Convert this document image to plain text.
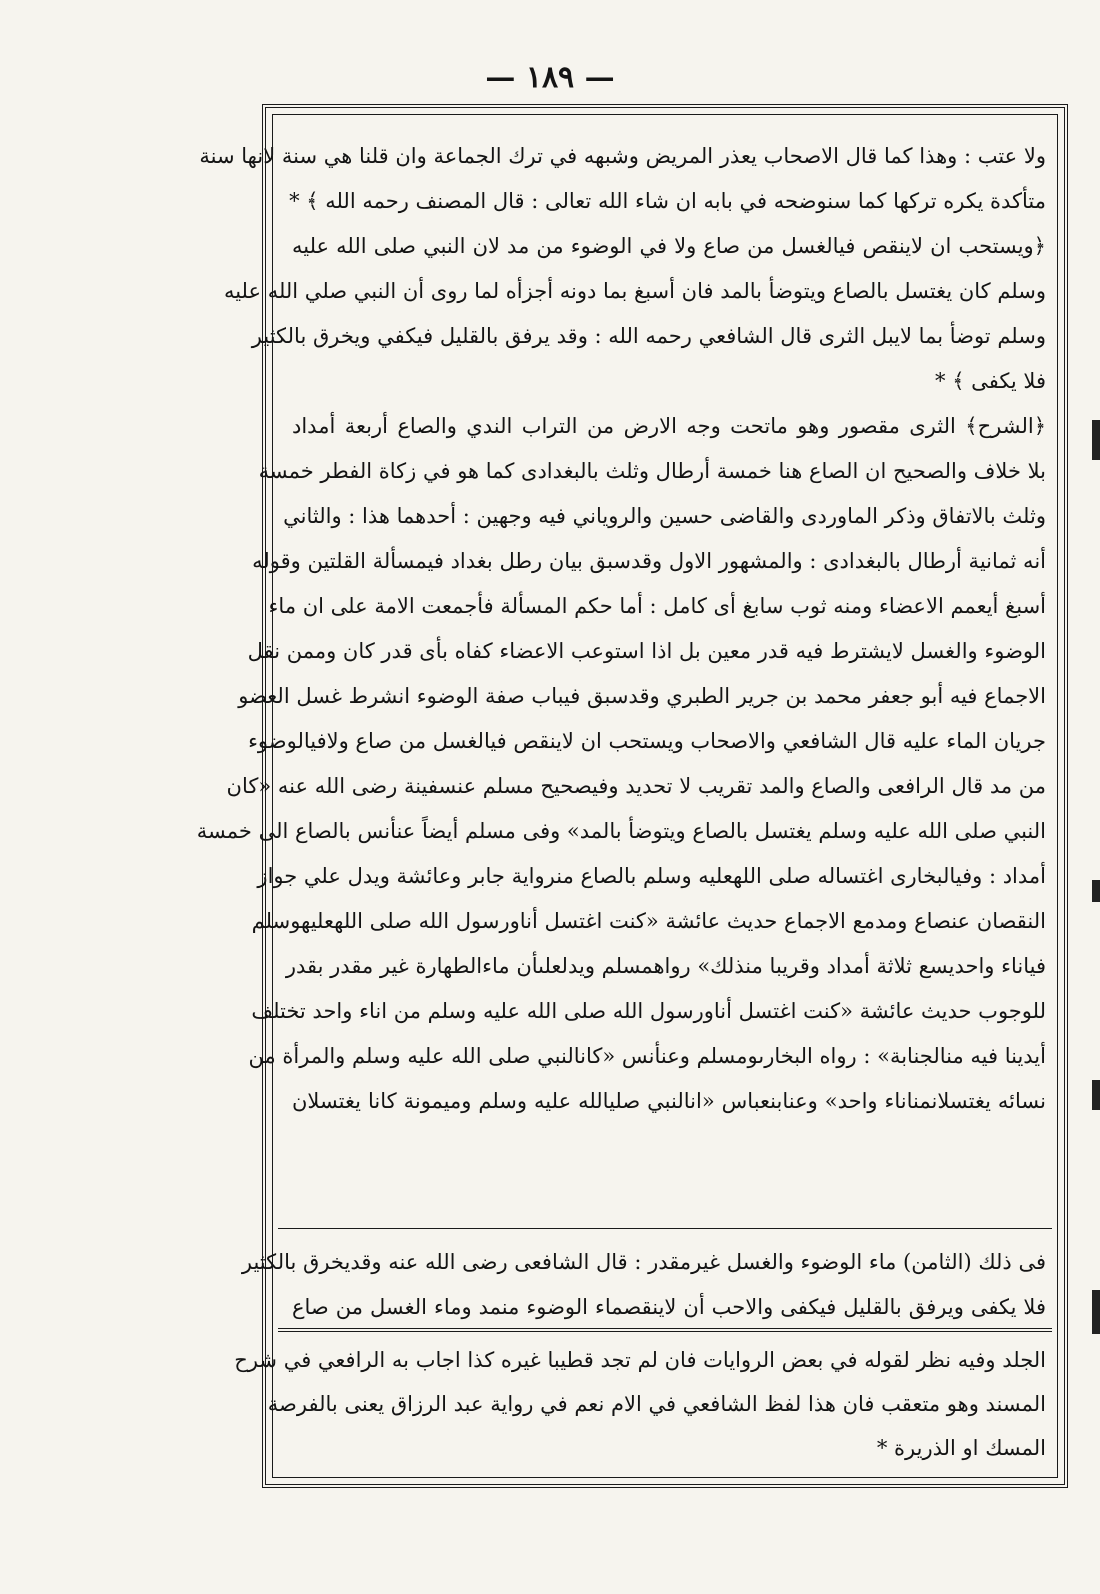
— ١٨٩ —
ولا عتب : وهذا كما قال الاصحاب يعذر المريض وشبهه في ترك الجماعة وان قلنا هي سنة لانها سنة
متأكدة يكره تركها كما سنوضحه في بابه ان شاء الله تعالى : قال المصنف رحمه الله ﴾ *
﴿ويستحب ان لاينقص فيالغسل من صاع ولا في الوضوء من مد لان النبي صلى الله عليه
وسلم كان يغتسل بالصاع ويتوضأ بالمد فان أسبغ بما دونه أجزأه لما روى أن النبي صلي الله عليه
وسلم توضأ بما لايبل الثرى قال الشافعي رحمه الله : وقد يرفق بالقليل فيكفي ويخرق بالكثير
فلا يكفى ﴾ *
﴿الشرح﴾ الثرى مقصور وهو ماتحت وجه الارض من التراب الندي والصاع أربعة أمداد
بلا خلاف والصحيح ان الصاع هنا خمسة أرطال وثلث بالبغدادى كما هو في زكاة الفطر خمسة
وثلث بالاتفاق وذكر الماوردى والقاضى حسين والروياني فيه وجهين : أحدهما هذا : والثاني
أنه ثمانية أرطال بالبغدادى : والمشهور الاول وقدسبق بيان رطل بغداد فيمسألة القلتين وقوله
أسبغ أيعمم الاعضاء ومنه ثوب سابغ أى كامل : أما حكم المسألة فأجمعت الامة على ان ماء
الوضوء والغسل لايشترط فيه قدر معين بل اذا استوعب الاعضاء كفاه بأى قدر كان وممن نقل
الاجماع فيه أبو جعفر محمد بن جرير الطبري وقدسبق فيباب صفة الوضوء انشرط غسل العضو
جريان الماء عليه قال الشافعي والاصحاب ويستحب ان لاينقص فيالغسل من صاع ولافيالوضوء
من مد قال الرافعى والصاع والمد تقريب لا تحديد وفيصحيح مسلم عنسفينة رضى الله عنه «كان
النبي صلى الله عليه وسلم يغتسل بالصاع ويتوضأ بالمد» وفى مسلم أيضاً عنأنس بالصاع الى خمسة
أمداد : وفيالبخارى اغتساله صلى اللهعليه وسلم بالصاع منرواية جابر وعائشة ويدل علي جواز
النقصان عنصاع ومدمع الاجماع حديث عائشة «كنت اغتسل أناورسول الله صلى اللهعليهوسلم
فياناء واحديسع ثلاثة أمداد وقريبا منذلك» رواهمسلم ويدلعلىأن ماءالطهارة غير مقدر بقدر
للوجوب حديث عائشة «كنت اغتسل أناورسول الله صلى الله عليه وسلم من اناء واحد تختلف
أيدينا فيه منالجنابة» : رواه البخارىومسلم وعنأنس «كانالنبي صلى الله عليه وسلم والمرأة من
نسائه يغتسلانمناناء واحد» وعنابنعباس «انالنبي صليالله عليه وسلم وميمونة كانا يغتسلان
فى ذلك (الثامن) ماء الوضوء والغسل غيرمقدر : قال الشافعى رضى الله عنه وقديخرق بالكثير
فلا يكفى ويرفق بالقليل فيكفى والاحب أن لاينقصماء الوضوء منمد وماء الغسل من صاع
الجلد وفيه نظر لقوله في بعض الروايات فان لم تجد قطيبا غيره كذا اجاب به الرافعي في شرح
المسند وهو متعقب فان هذا لفظ الشافعي في الام نعم في رواية عبد الرزاق يعنى بالفرصة
المسك او الذريرة *
